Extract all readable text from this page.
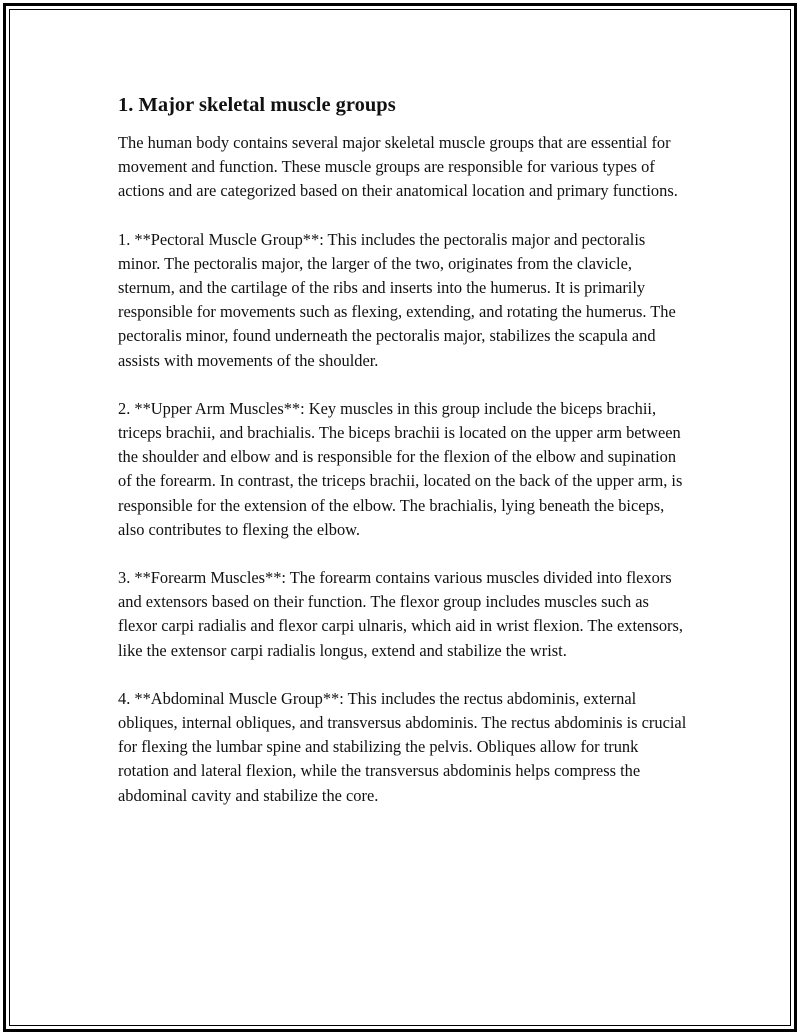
1. Major skeletal muscle groups

The human body contains several major skeletal muscle groups that are essential for movement and function. These muscle groups are responsible for various types of actions and are categorized based on their anatomical location and primary functions.

1. **Pectoral Muscle Group**: This includes the pectoralis major and pectoralis minor. The pectoralis major, the larger of the two, originates from the clavicle, sternum, and the cartilage of the ribs and inserts into the humerus. It is primarily responsible for movements such as flexing, extending, and rotating the humerus. The pectoralis minor, found underneath the pectoralis major, stabilizes the scapula and assists with movements of the shoulder.

2. **Upper Arm Muscles**: Key muscles in this group include the biceps brachii, triceps brachii, and brachialis. The biceps brachii is located on the upper arm between the shoulder and elbow and is responsible for the flexion of the elbow and supination of the forearm. In contrast, the triceps brachii, located on the back of the upper arm, is responsible for the extension of the elbow. The brachialis, lying beneath the biceps, also contributes to flexing the elbow.

3. **Forearm Muscles**: The forearm contains various muscles divided into flexors and extensors based on their function. The flexor group includes muscles such as flexor carpi radialis and flexor carpi ulnaris, which aid in wrist flexion. The extensors, like the extensor carpi radialis longus, extend and stabilize the wrist.

4. **Abdominal Muscle Group**: This includes the rectus abdominis, external obliques, internal obliques, and transversus abdominis. The rectus abdominis is crucial for flexing the lumbar spine and stabilizing the pelvis. Obliques allow for trunk rotation and lateral flexion, while the transversus abdominis helps compress the abdominal cavity and stabilize the core.
